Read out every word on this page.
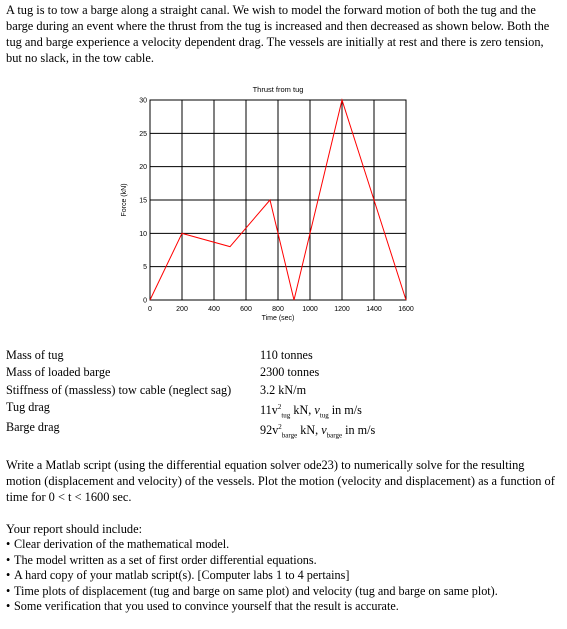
A tug is to tow a barge along a straight canal. We wish to model the forward motion of both the tug and the barge during an event where the thrust from the tug is increased and then decreased as shown below. Both the tug and barge experience a velocity dependent drag. The vessels are initially at rest and there is zero tension, but no slack, in the tow cable.

0	200	400	600	800	1000 1200 1400 1600
0
5
10
15
20
25
30
Thrust from tug
Time (sec)
Force (kN)
Mass of tug	110 tonnes
Mass of loaded barge	2300 tonnes
Stiffness of (massless) tow cable (neglect sag) 3.2 kN/m
Tug drag	$11v^2_{tug}$ kN, $v_{tug}$ in m/s
Barge drag	$92v^2_{barge}$ kN, $v_{barge}$ in m/s

Write a Matlab script (using the differential equation solver ode23) to numerically solve for the resulting motion (displacement and velocity) of the vessels. Plot the motion (velocity and displacement) as a function of time for 0 < t < 1600 sec.

Your report should include:

• Clear derivation of the mathematical model.
• The model written as a set of first order differential equations.
• A hard copy of your matlab script(s). [Computer labs 1 to 4 pertains]
• Time plots of displacement (tug and barge on same plot) and velocity (tug and barge on same plot).
• Some verification that you used to convince yourself that the result is accurate.
